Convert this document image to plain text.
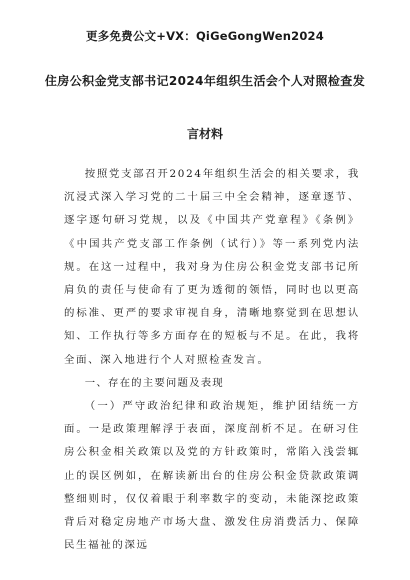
更多免费公文+VX：QiGeGongWen2024
住房公积金党支部书记2024年组织生活会个人对照检查发
言材料

按照党支部召开2024年组织生活会的相关要求，我沉浸式深入学习党的二十届三中全会精神，逐章逐节、逐字逐句研习党规，以及《中国共产党章程》《条例》《中国共产党支部工作条例（试行）》等一系列党内法规。在这一过程中，我对身为住房公积金党支部书记所肩负的责任与使命有了更为透彻的领悟，同时也以更高的标准、更严的要求审视自身，清晰地察觉到在思想认知、工作执行等多方面存在的短板与不足。在此，我将全面、深入地进行个人对照检查发言。

一、存在的主要问题及表现

（一）严守政治纪律和政治规矩，维护团结统一方面。一是政策理解浮于表面，深度剖析不足。在研习住房公积金相关政策以及党的方针政策时，常陷入浅尝辄止的误区例如，在解读新出台的住房公积金贷款政策调整细则时，仅仅着眼于利率数字的变动，未能深挖政策背后对稳定房地产市场大盘、激发住房消费活力、保障民生福祉的深远
